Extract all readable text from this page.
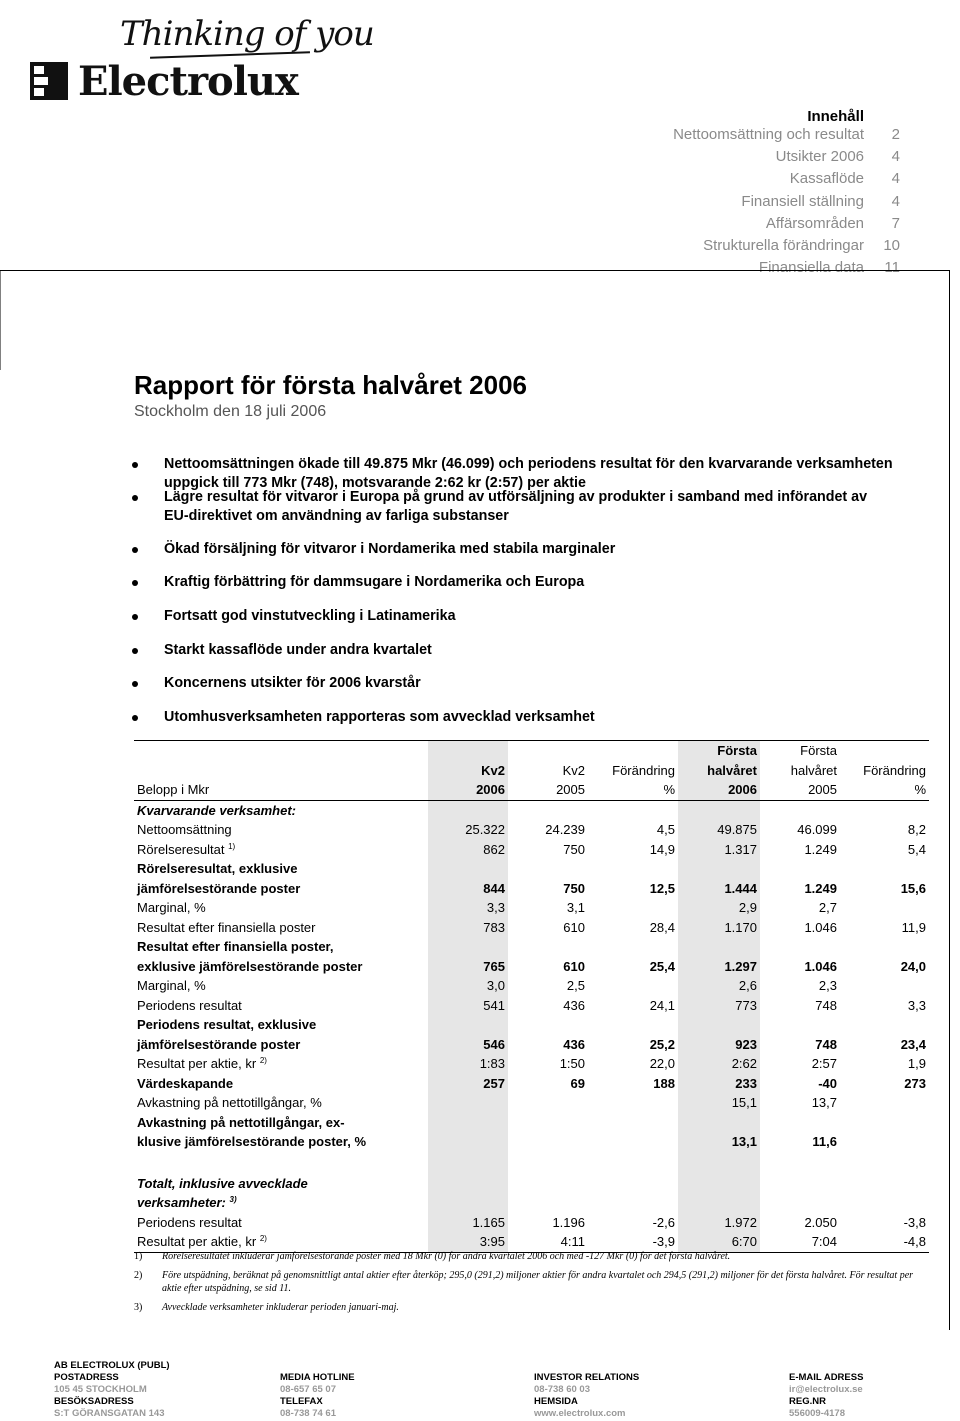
Thinking of you
Electrolux
Innehåll
Nettoomsättning och resultat	2
Utsikter 2006	4
Kassaflöde	4
Finansiell ställning	4
Affärsområden	7
Strukturella förändringar	10
Finansiella data	11
Rapport för första halvåret 2006
Stockholm den 18 juli 2006
Nettoomsättningen ökade till 49.875 Mkr (46.099) och periodens resultat för den kvarvarande verksamheten uppgick till 773 Mkr (748), motsvarande 2:62 kr (2:57) per aktie
Lägre resultat för vitvaror i Europa på grund av utförsäljning av produkter i samband med införandet av EU-direktivet om användning av farliga substanser
Ökad försäljning för vitvaror i Nordamerika med stabila marginaler
Kraftig förbättring för dammsugare i Nordamerika och Europa
Fortsatt god vinstutveckling i Latinamerika
Starkt kassaflöde under andra kvartalet
Koncernens utsikter för 2006 kvarstår
Utomhusverksamheten rapporteras som avvecklad verksamhet
				Första	Första	
	Kv2	Kv2	Förändring	halvåret	halvåret	Förändring
Belopp i Mkr	2006	2005	%	2006	2005	%
Kvarvarande verksamhet:						
Nettoomsättning	25.322	24.239	4,5	49.875	46.099	8,2
Rörelseresultat $^{1)}$	862	750	14,9	1.317	1.249	5,4
Rörelseresultat, exklusive						
jämförelsestörande poster	844	750	12,5	1.444	1.249	15,6
Marginal, %	3,3	3,1		2,9	2,7	
Resultat efter finansiella poster	783	610	28,4	1.170	1.046	11,9
Resultat efter finansiella poster,						
exklusive jämförelsestörande poster	765	610	25,4	1.297	1.046	24,0
Marginal, %	3,0	2,5		2,6	2,3	
Periodens resultat	541	436	24,1	773	748	3,3
Periodens resultat, exklusive						
jämförelsestörande poster	546	436	25,2	923	748	23,4
Resultat per aktie, kr $^{2)}$	1:83	1:50	22,0	2:62	2:57	1,9
Värdeskapande	257	69	188	233	-40	273
Avkastning på nettotillgångar, %				15,1	13,7	
Avkastning på nettotillgångar, ex-						
klusive jämförelsestörande poster, %				13,1	11,6	

Totalt, inklusive avvecklade						
verksamheter: $^{3)}$						
Periodens resultat	1.165	1.196	-2,6	1.972	2.050	-3,8
Resultat per aktie, kr $^{2)}$	3:95	4:11	-3,9	6:70	7:04	-4,8
1) Rörelseresultatet inkluderar jämförelsestörande poster med 18 Mkr (0) för andra kvartalet 2006 och med -127 Mkr (0) för det första halvåret.
2) Före utspädning, beräknat på genomsnittligt antal aktier efter återköp; 295,0 (291,2) miljoner aktier för andra kvartalet och 294,5 (291,2) miljoner för det första halvåret. För resultat per aktie efter utspädning, se sid 11.
3) Avvecklade verksamheter inkluderar perioden januari-maj.
AB ELECTROLUX (PUBL)
POSTADRESS
105 45 STOCKHOLM
BESÖKSADRESS
S:T GÖRANSGATAN 143

MEDIA HOTLINE
08-657 65 07
TELEFAX
08-738 74 61

INVESTOR RELATIONS
08-738 60 03
HEMSIDA
www.electrolux.com

E-MAIL ADRESS
ir@electrolux.se
REG.NR
556009-4178
